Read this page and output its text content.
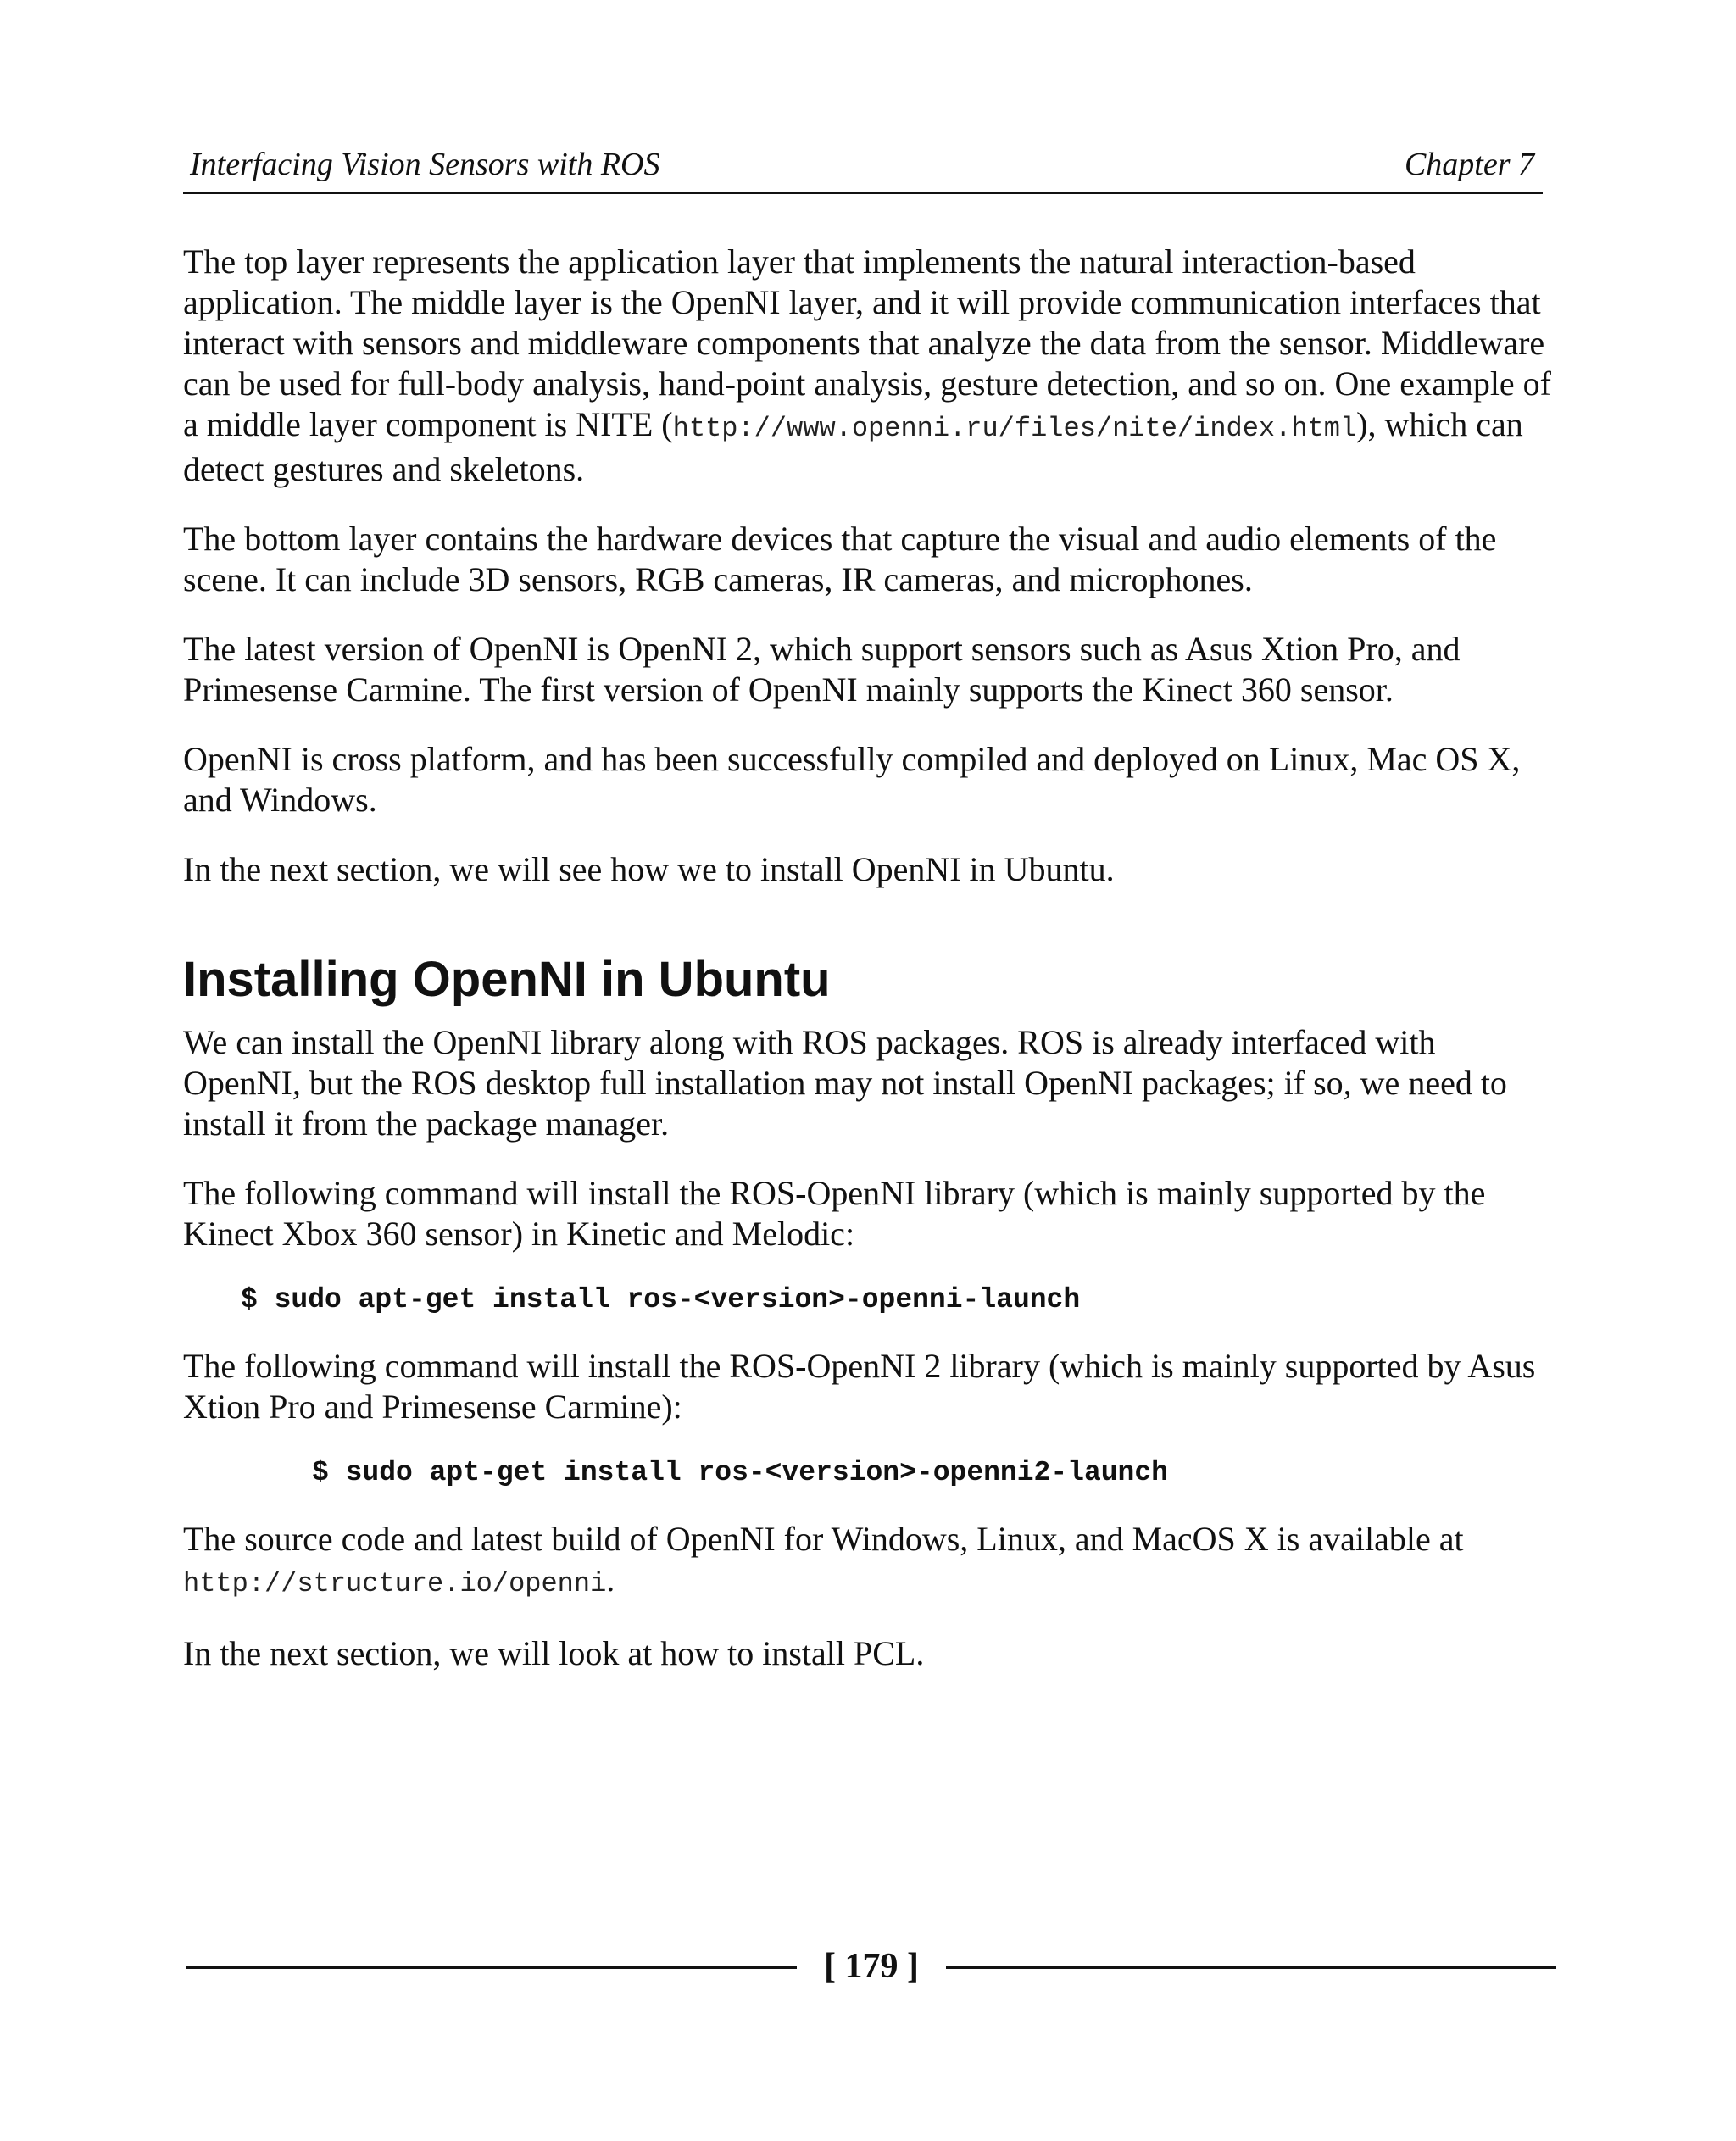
Interfacing Vision Sensors with ROS	Chapter 7

The top layer represents the application layer that implements the natural interaction-based application. The middle layer is the OpenNI layer, and it will provide communication interfaces that interact with sensors and middleware components that analyze the data from the sensor. Middleware can be used for full-body analysis, hand-point analysis, gesture detection, and so on. One example of a middle layer component is NITE (http://www.openni.ru/files/nite/index.html), which can detect gestures and skeletons.

The bottom layer contains the hardware devices that capture the visual and audio elements of the scene. It can include 3D sensors, RGB cameras, IR cameras, and microphones.

The latest version of OpenNI is OpenNI 2, which support sensors such as Asus Xtion Pro, and Primesense Carmine. The first version of OpenNI mainly supports the Kinect 360 sensor.

OpenNI is cross platform, and has been successfully compiled and deployed on Linux, Mac OS X, and Windows.

In the next section, we will see how we to install OpenNI in Ubuntu.

Installing OpenNI in Ubuntu

We can install the OpenNI library along with ROS packages. ROS is already interfaced with OpenNI, but the ROS desktop full installation may not install OpenNI packages; if so, we need to install it from the package manager.

The following command will install the ROS-OpenNI library (which is mainly supported by the Kinect Xbox 360 sensor) in Kinetic and Melodic:

$ sudo apt-get install ros-<version>-openni-launch

The following command will install the ROS-OpenNI 2 library (which is mainly supported by Asus Xtion Pro and Primesense Carmine):

$ sudo apt-get install ros-<version>-openni2-launch

The source code and latest build of OpenNI for Windows, Linux, and MacOS X is available at http://structure.io/openni.

In the next section, we will look at how to install PCL.

[ 179 ]
